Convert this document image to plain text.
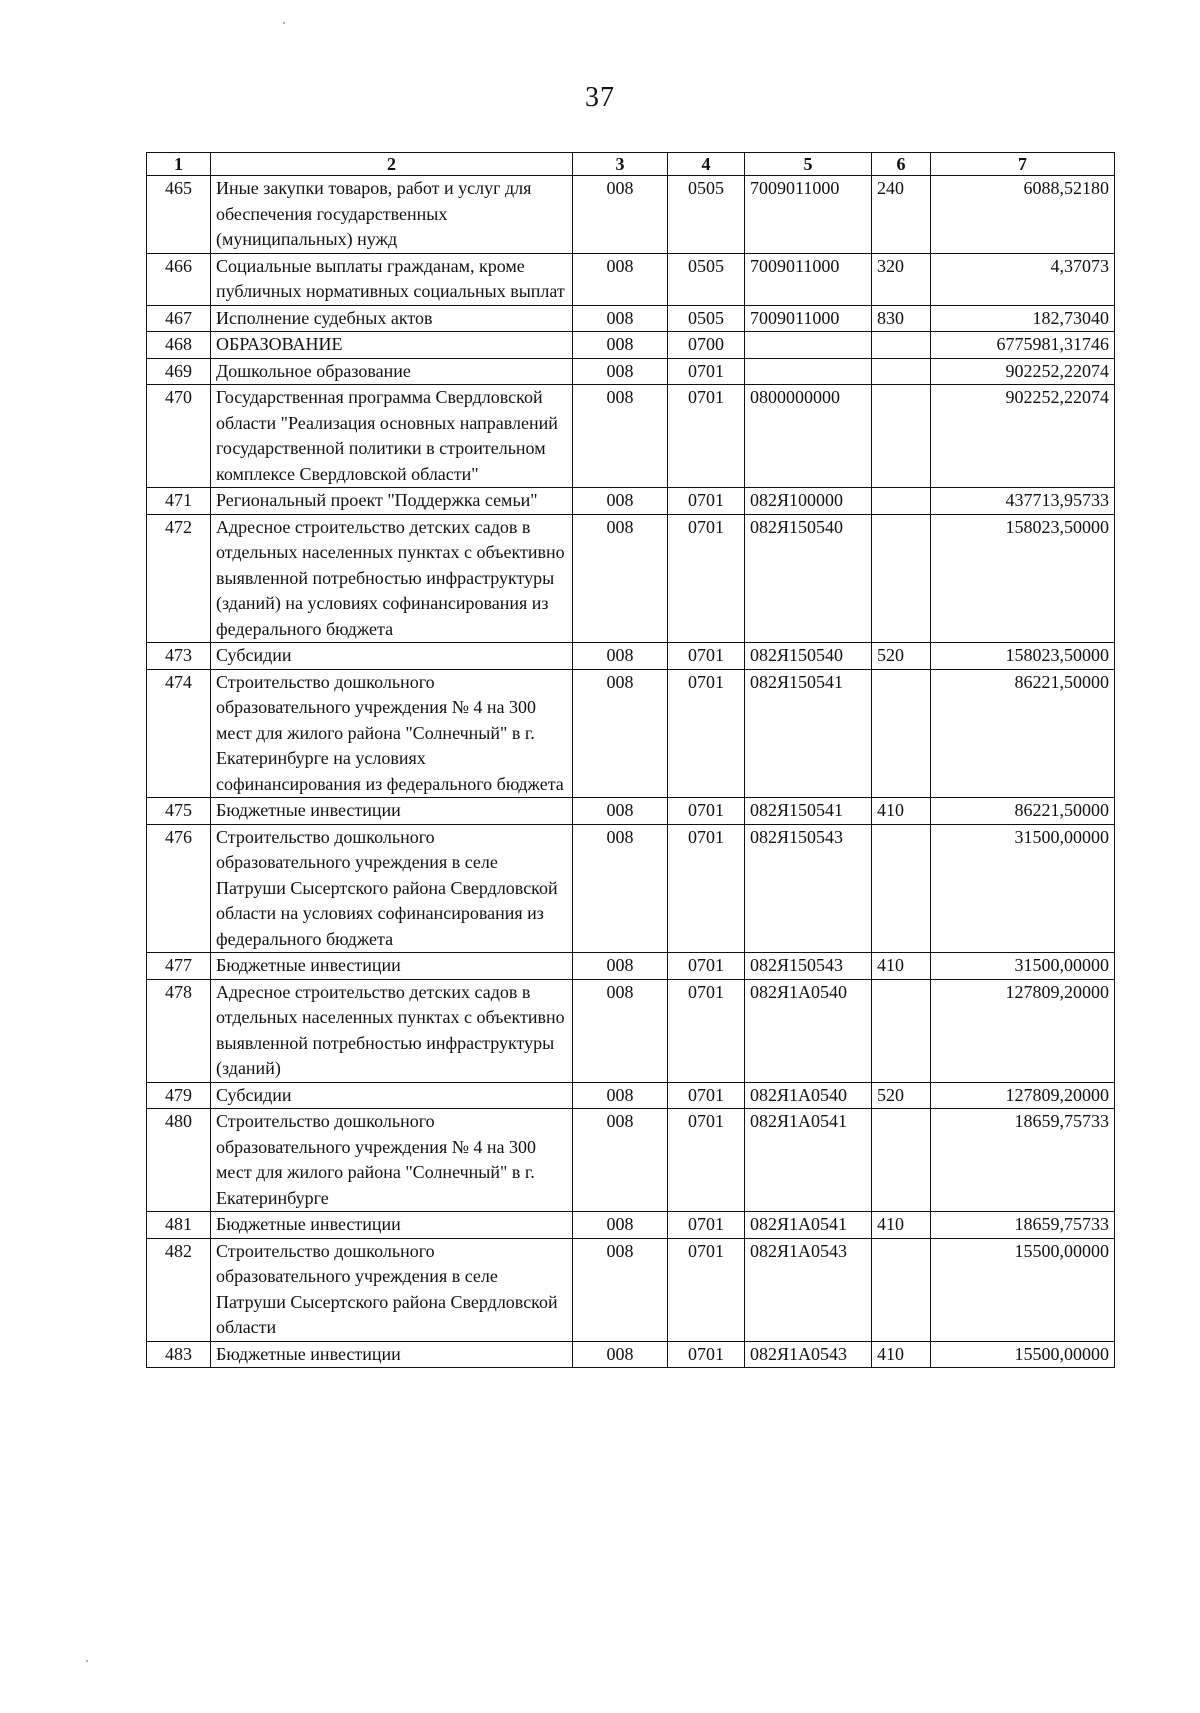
37
1	2	3	4	5	6	7
465	Иные закупки товаров, работ и услуг для обеспечения государственных (муниципальных) нужд	008	0505	7009011000	240	6088,52180
466	Социальные выплаты гражданам, кроме публичных нормативных социальных выплат	008	0505	7009011000	320	4,37073
467	Исполнение судебных актов	008	0505	7009011000	830	182,73040
468	ОБРАЗОВАНИЕ	008	0700			6775981,31746
469	Дошкольное образование	008	0701			902252,22074
470	Государственная программа Свердловской области "Реализация основных направлений государственной политики в строительном комплексе Свердловской области"	008	0701	0800000000		902252,22074
471	Региональный проект "Поддержка семьи"	008	0701	082Я100000		437713,95733
472	Адресное строительство детских садов в отдельных населенных пунктах с объективно выявленной потребностью инфраструктуры (зданий) на условиях софинансирования из федерального бюджета	008	0701	082Я150540		158023,50000
473	Субсидии	008	0701	082Я150540	520	158023,50000
474	Строительство дошкольного образовательного учреждения № 4 на 300 мест для жилого района "Солнечный" в г. Екатеринбурге на условиях софинансирования из федерального бюджета	008	0701	082Я150541		86221,50000
475	Бюджетные инвестиции	008	0701	082Я150541	410	86221,50000
476	Строительство дошкольного образовательного учреждения в селе Патруши Сысертского района Свердловской области на условиях софинансирования из федерального бюджета	008	0701	082Я150543		31500,00000
477	Бюджетные инвестиции	008	0701	082Я150543	410	31500,00000
478	Адресное строительство детских садов в отдельных населенных пунктах с объективно выявленной потребностью инфраструктуры (зданий)	008	0701	082Я1А0540		127809,20000
479	Субсидии	008	0701	082Я1А0540	520	127809,20000
480	Строительство дошкольного образовательного учреждения № 4 на 300 мест для жилого района "Солнечный" в г. Екатеринбурге	008	0701	082Я1А0541		18659,75733
481	Бюджетные инвестиции	008	0701	082Я1А0541	410	18659,75733
482	Строительство дошкольного образовательного учреждения в селе Патруши Сысертского района Свердловской области	008	0701	082Я1А0543		15500,00000
483	Бюджетные инвестиции	008	0701	082Я1А0543	410	15500,00000
